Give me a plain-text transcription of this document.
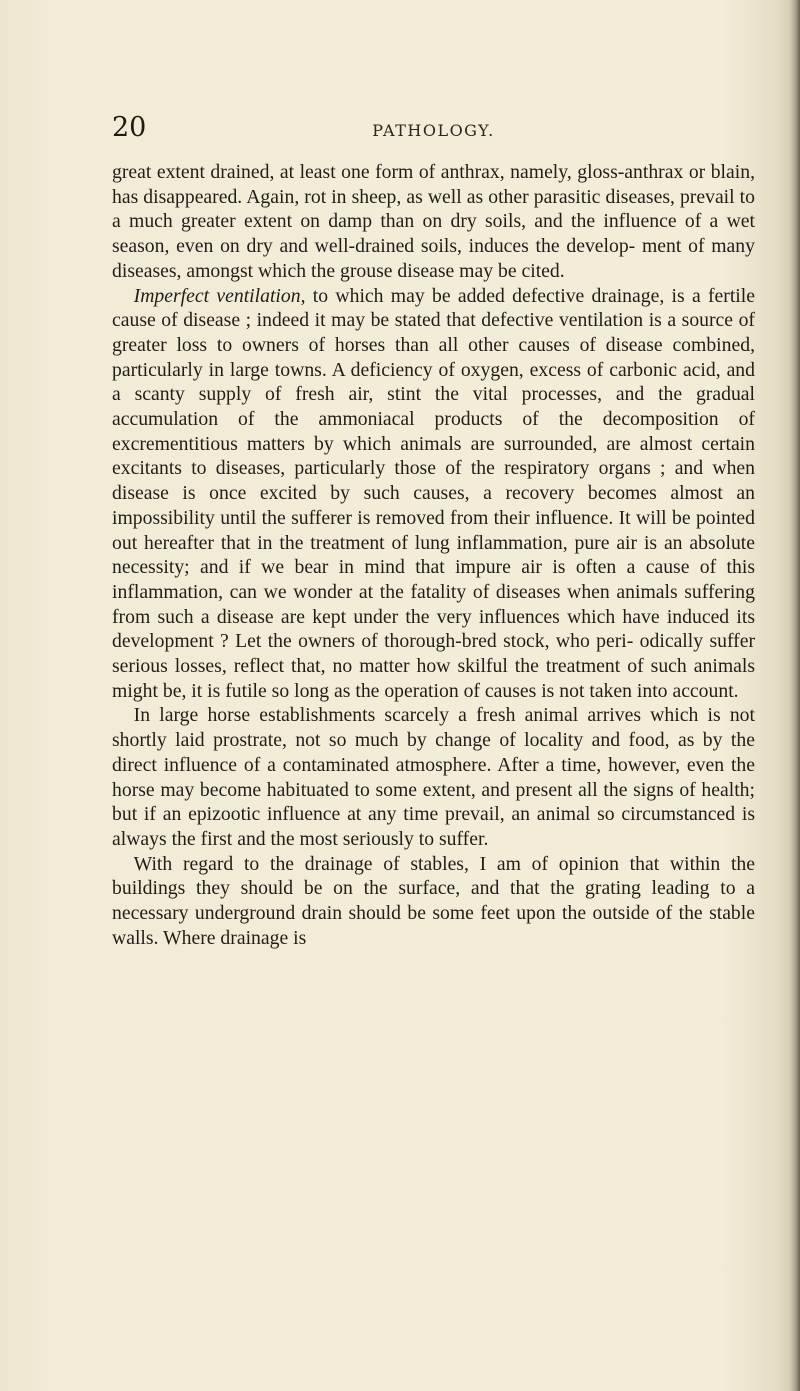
20	PATHOLOGY.

great extent drained, at least one form of anthrax, namely, gloss-anthrax or blain, has disappeared. Again, rot in sheep, as well as other parasitic diseases, prevail to a much greater extent on damp than on dry soils, and the influence of a wet season, even on dry and well-drained soils, induces the develop- ment of many diseases, amongst which the grouse disease may be cited.

Imperfect ventilation, to which may be added defective drainage, is a fertile cause of disease ; indeed it may be stated that defective ventilation is a source of greater loss to owners of horses than all other causes of disease combined, particularly in large towns. A deficiency of oxygen, excess of carbonic acid, and a scanty supply of fresh air, stint the vital processes, and the gradual accumulation of the ammoniacal products of the decomposition of excrementitious matters by which animals are surrounded, are almost certain excitants to diseases, particularly those of the respiratory organs ; and when disease is once excited by such causes, a recovery becomes almost an impossibility until the sufferer is removed from their influence. It will be pointed out hereafter that in the treatment of lung inflammation, pure air is an absolute necessity; and if we bear in mind that impure air is often a cause of this inflammation, can we wonder at the fatality of diseases when animals suffering from such a disease are kept under the very influences which have induced its development ? Let the owners of thorough-bred stock, who peri- odically suffer serious losses, reflect that, no matter how skilful the treatment of such animals might be, it is futile so long as the operation of causes is not taken into account.

In large horse establishments scarcely a fresh animal arrives which is not shortly laid prostrate, not so much by change of locality and food, as by the direct influence of a contaminated atmosphere. After a time, however, even the horse may become habituated to some extent, and present all the signs of health; but if an epizootic influence at any time prevail, an animal so circumstanced is always the first and the most seriously to suffer.

With regard to the drainage of stables, I am of opinion that within the buildings they should be on the surface, and that the grating leading to a necessary underground drain should be some feet upon the outside of the stable walls. Where drainage is
